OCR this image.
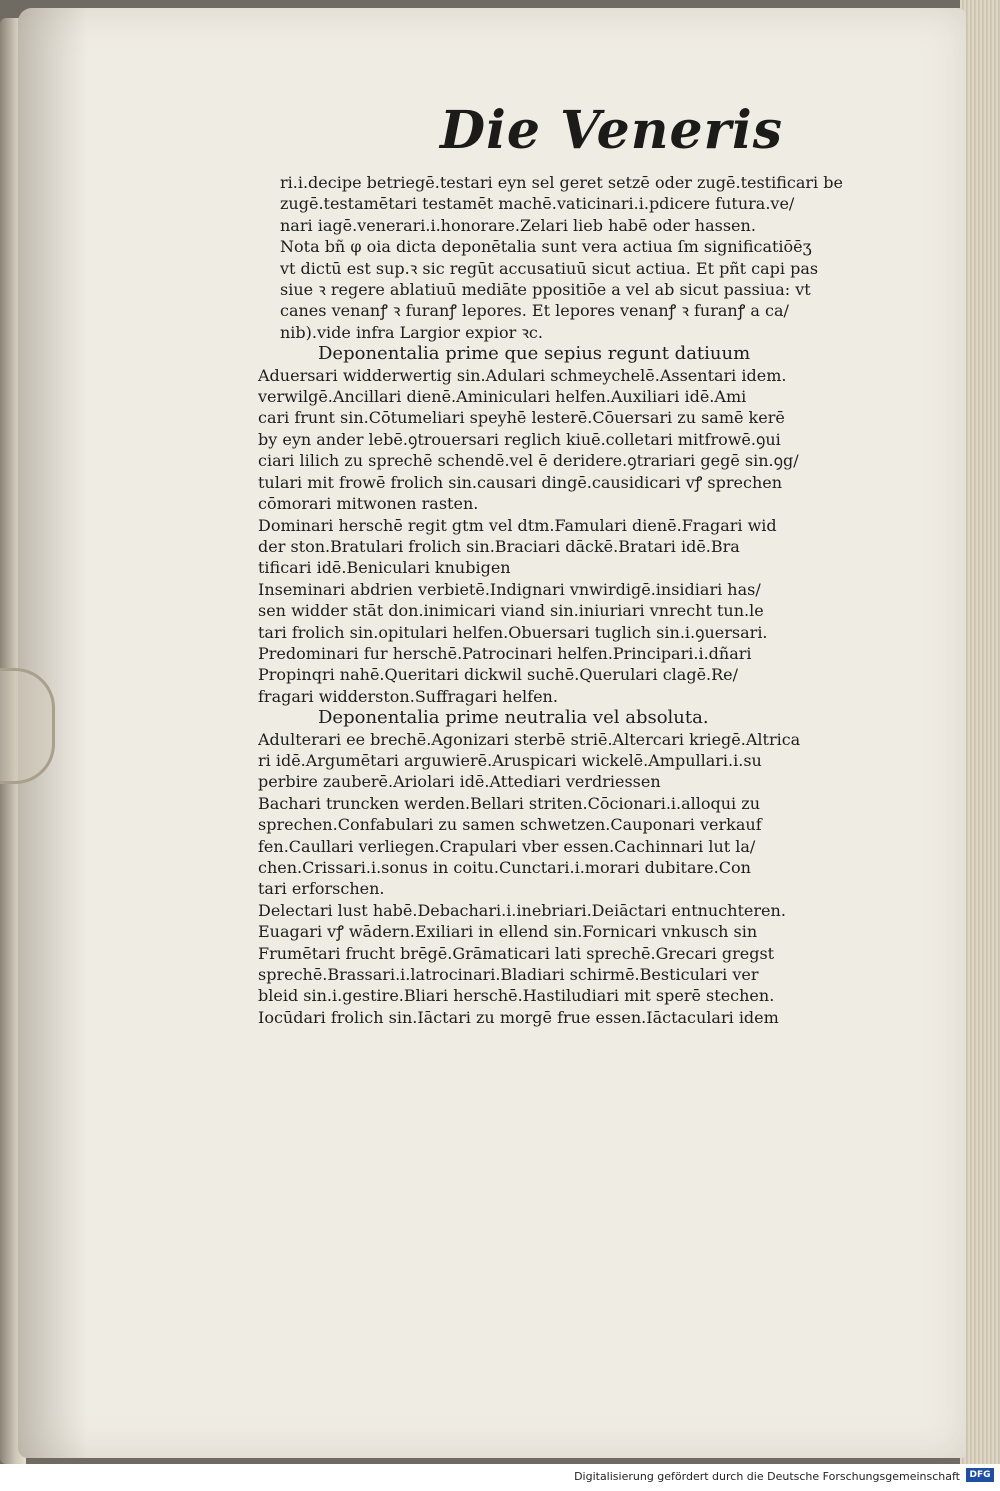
Die Veneris

ri.i.decipe betriegē.testari eyn sel geret setzē oder zugē.testificari be
zugē.testamētari testamēt machē.vaticinari.i.pdicere futura.ve/
nari iagē.venerari.i.honorare.Zelari lieb habē oder hassen.

Nota bñ φ oia dicta deponētalia sunt vera actiua ſm significatiōēʒ
vt dictū est sup.ꝛ sic regūt accusatiuū sicut actiua. Et pñt capi pas
siue ꝛ regere ablatiuū mediāte ppositiōe a vel ab sicut passiua: vt
canes venanꝭ ꝛ furanꝭ lepores. Et lepores venanꝭ ꝛ furanꝭ a ca/
nib).vide infra Largior expior ꝛc.

Deponentalia prime que sepius regunt datiuum

Aduersari widderwertig sin.Adulari schmeychelē.Assentari idem.
verwilgē.Ancillari dienē.Aminiculari helfen.Auxiliari idē.Ami
cari frunt sin.Cōtumeliari speyhē lesterē.Cōuersari zu samē kerē
by eyn ander lebē.ꝯtrouersari reglich kiuē.colletari mitfrowē.ꝯui
ciari lilich zu sprechē schendē.vel ē deridere.ꝯtrariari gegē sin.ꝯg/
tulari mit frowē frolich sin.causari dingē.causidicari vꝭ sprechen
cōmorari mitwonen rasten.

Dominari herschē regit gtm vel dtm.Famulari dienē.Fragari wid
der ston.Bratulari frolich sin.Braciari dāckē.Bratari idē.Bra
tificari idē.Beniculari knubigen

Inseminari abdrien verbietē.Indignari vnwirdigē.insidiari has/
sen widder stāt don.inimicari viand sin.iniuriari vnrecht tun.le
tari frolich sin.opitulari helfen.Obuersari tuglich sin.i.ꝯuersari.
Predominari fur herschē.Patrocinari helfen.Principari.i.dñari
Propinqri nahē.Queritari dickwil suchē.Querulari clagē.Re/
fragari widderston.Suffragari helfen.

Deponentalia prime neutralia vel absoluta.

Adulterari ee brechē.Agonizari sterbē striē.Altercari kriegē.Altrica
ri idē.Argumētari arguwierē.Aruspicari wickelē.Ampullari.i.su
perbire zauberē.Ariolari idē.Attediari verdriessen

Bachari truncken werden.Bellari striten.Cōcionari.i.alloqui zu
sprechen.Confabulari zu samen schwetzen.Cauponari verkauf
fen.Caullari verliegen.Crapulari vber essen.Cachinnari lut la/
chen.Crissari.i.sonus in coitu.Cunctari.i.morari dubitare.Con
tari erforschen.

Delectari lust habē.Debachari.i.inebriari.Deiāctari entnuchteren.
Euagari vꝭ wādern.Exiliari in ellend sin.Fornicari vnkusch sin
Frumētari frucht brēgē.Grāmaticari lati sprechē.Grecari gregst
sprechē.Brassari.i.latrocinari.Bladiari schirmē.Besticulari ver
bleid sin.i.gestire.Bliari herschē.Hastiludiari mit sperē stechen.
Iocūdari frolich sin.Iāctari zu morgē frue essen.Iāctaculari idem

Digitalisierung gefördert durch die Deutsche Forschungsgemeinschaft	DFG
